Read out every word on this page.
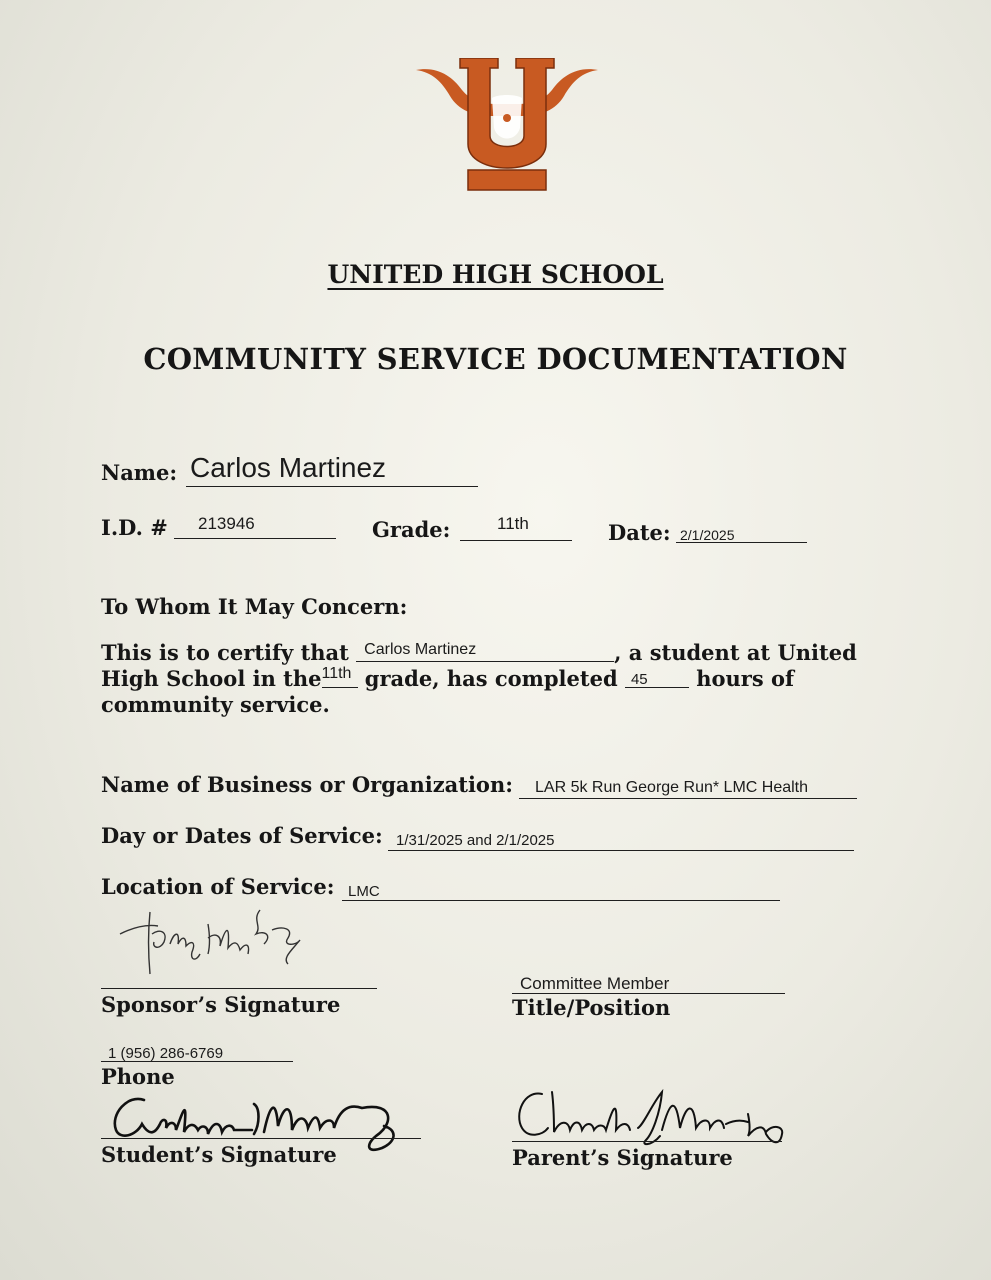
UNITED HIGH SCHOOL
COMMUNITY SERVICE DOCUMENTATION
Name: Carlos Martinez
I.D. # 213946	Grade:	11th	Date: 2/1/2025
To Whom It May Concern:
This is to certify that Carlos Martinez	, a student at United
High School in the 11th grade, has completed 45 hours of
community service.
Name of Business or Organization: LAR 5k Run George Run* LMC Health
Day or Dates of Service: 1/31/2025 and 2/1/2025
Location of Service: LMC
Sponsor’s Signature
Committee Member
Title/Position
1 (956) 286-6769
Phone
Student’s Signature	Parent’s Signature
